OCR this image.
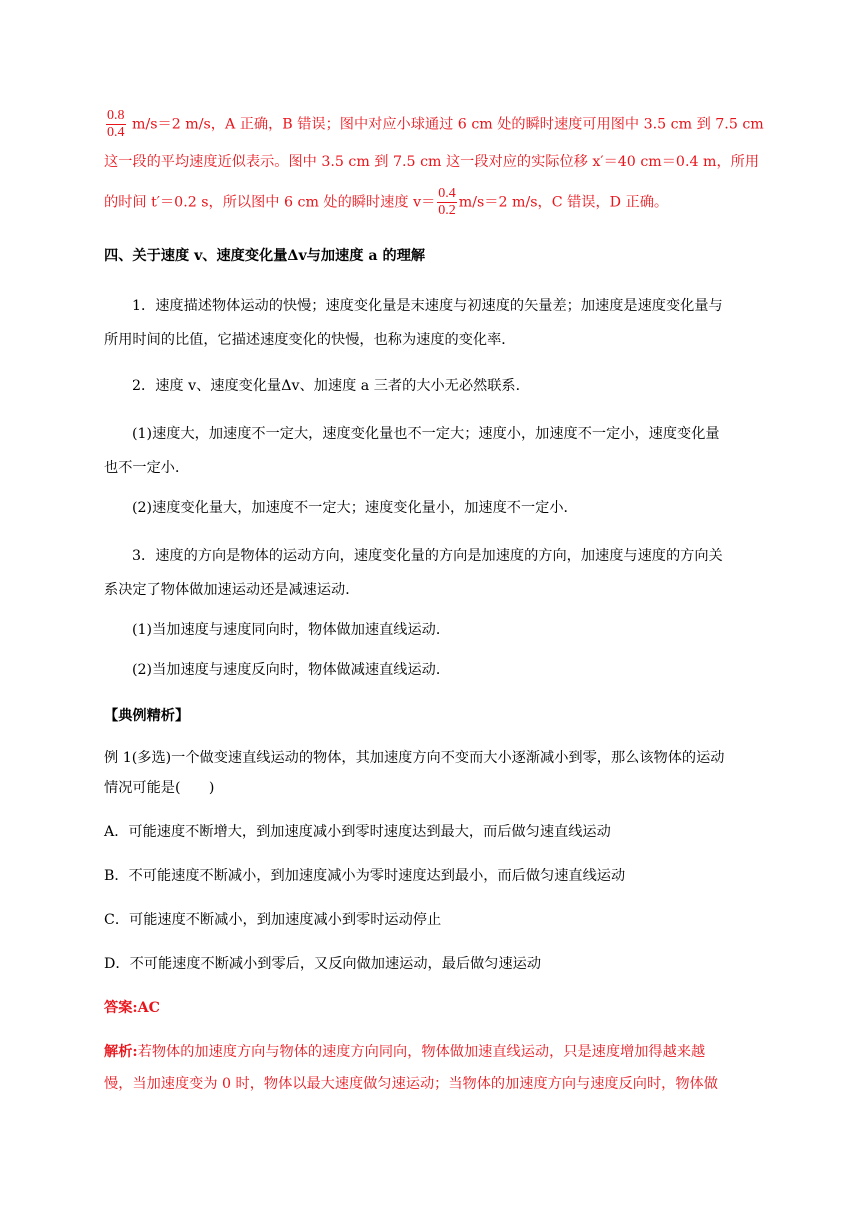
$\frac{0.8}{0.4} m/s=2$ m/s，A 正确，B 错误；图中对应小球通过 6 cm 处的瞬时速度可用图中 3.5 cm 到 7.5 cm
这一段的平均速度近似表示。图中 3.5 cm 到 7.5 cm 这一段对应的实际位移 x′＝40 cm＝0.4 m，所用
的时间 t′＝0.2 s，所以图中 6 cm 处的瞬时速度 $v= \frac{0.4}{0.2} m/s=2$ m/s，C 错误，D 正确。
四、关于速度 v、速度变化量Δv与加速度 a 的理解
1．速度描述物体运动的快慢；速度变化量是末速度与初速度的矢量差；加速度是速度变化量与
所用时间的比值，它描述速度变化的快慢，也称为速度的变化率．
2．速度 v、速度变化量Δv、加速度 a 三者的大小无必然联系．
(1)速度大，加速度不一定大，速度变化量也不一定大；速度小，加速度不一定小，速度变化量
也不一定小．
(2)速度变化量大，加速度不一定大；速度变化量小，加速度不一定小．
3．速度的方向是物体的运动方向，速度变化量的方向是加速度的方向，加速度与速度的方向关
系决定了物体做加速运动还是减速运动．
(1)当加速度与速度同向时，物体做加速直线运动．
(2)当加速度与速度反向时，物体做减速直线运动．
【典例精析】
例 1(多选)一个做变速直线运动的物体，其加速度方向不变而大小逐渐减小到零，那么该物体的运动
情况可能是(　　)
A．可能速度不断增大，到加速度减小到零时速度达到最大，而后做匀速直线运动
B．不可能速度不断减小，到加速度减小为零时速度达到最小，而后做匀速直线运动
C．可能速度不断减小，到加速度减小到零时运动停止
D．不可能速度不断减小到零后，又反向做加速运动，最后做匀速运动
答案:AC
解析:若物体的加速度方向与物体的速度方向同向，物体做加速直线运动，只是速度增加得越来越
慢，当加速度变为 0 时，物体以最大速度做匀速运动；当物体的加速度方向与速度反向时，物体做
